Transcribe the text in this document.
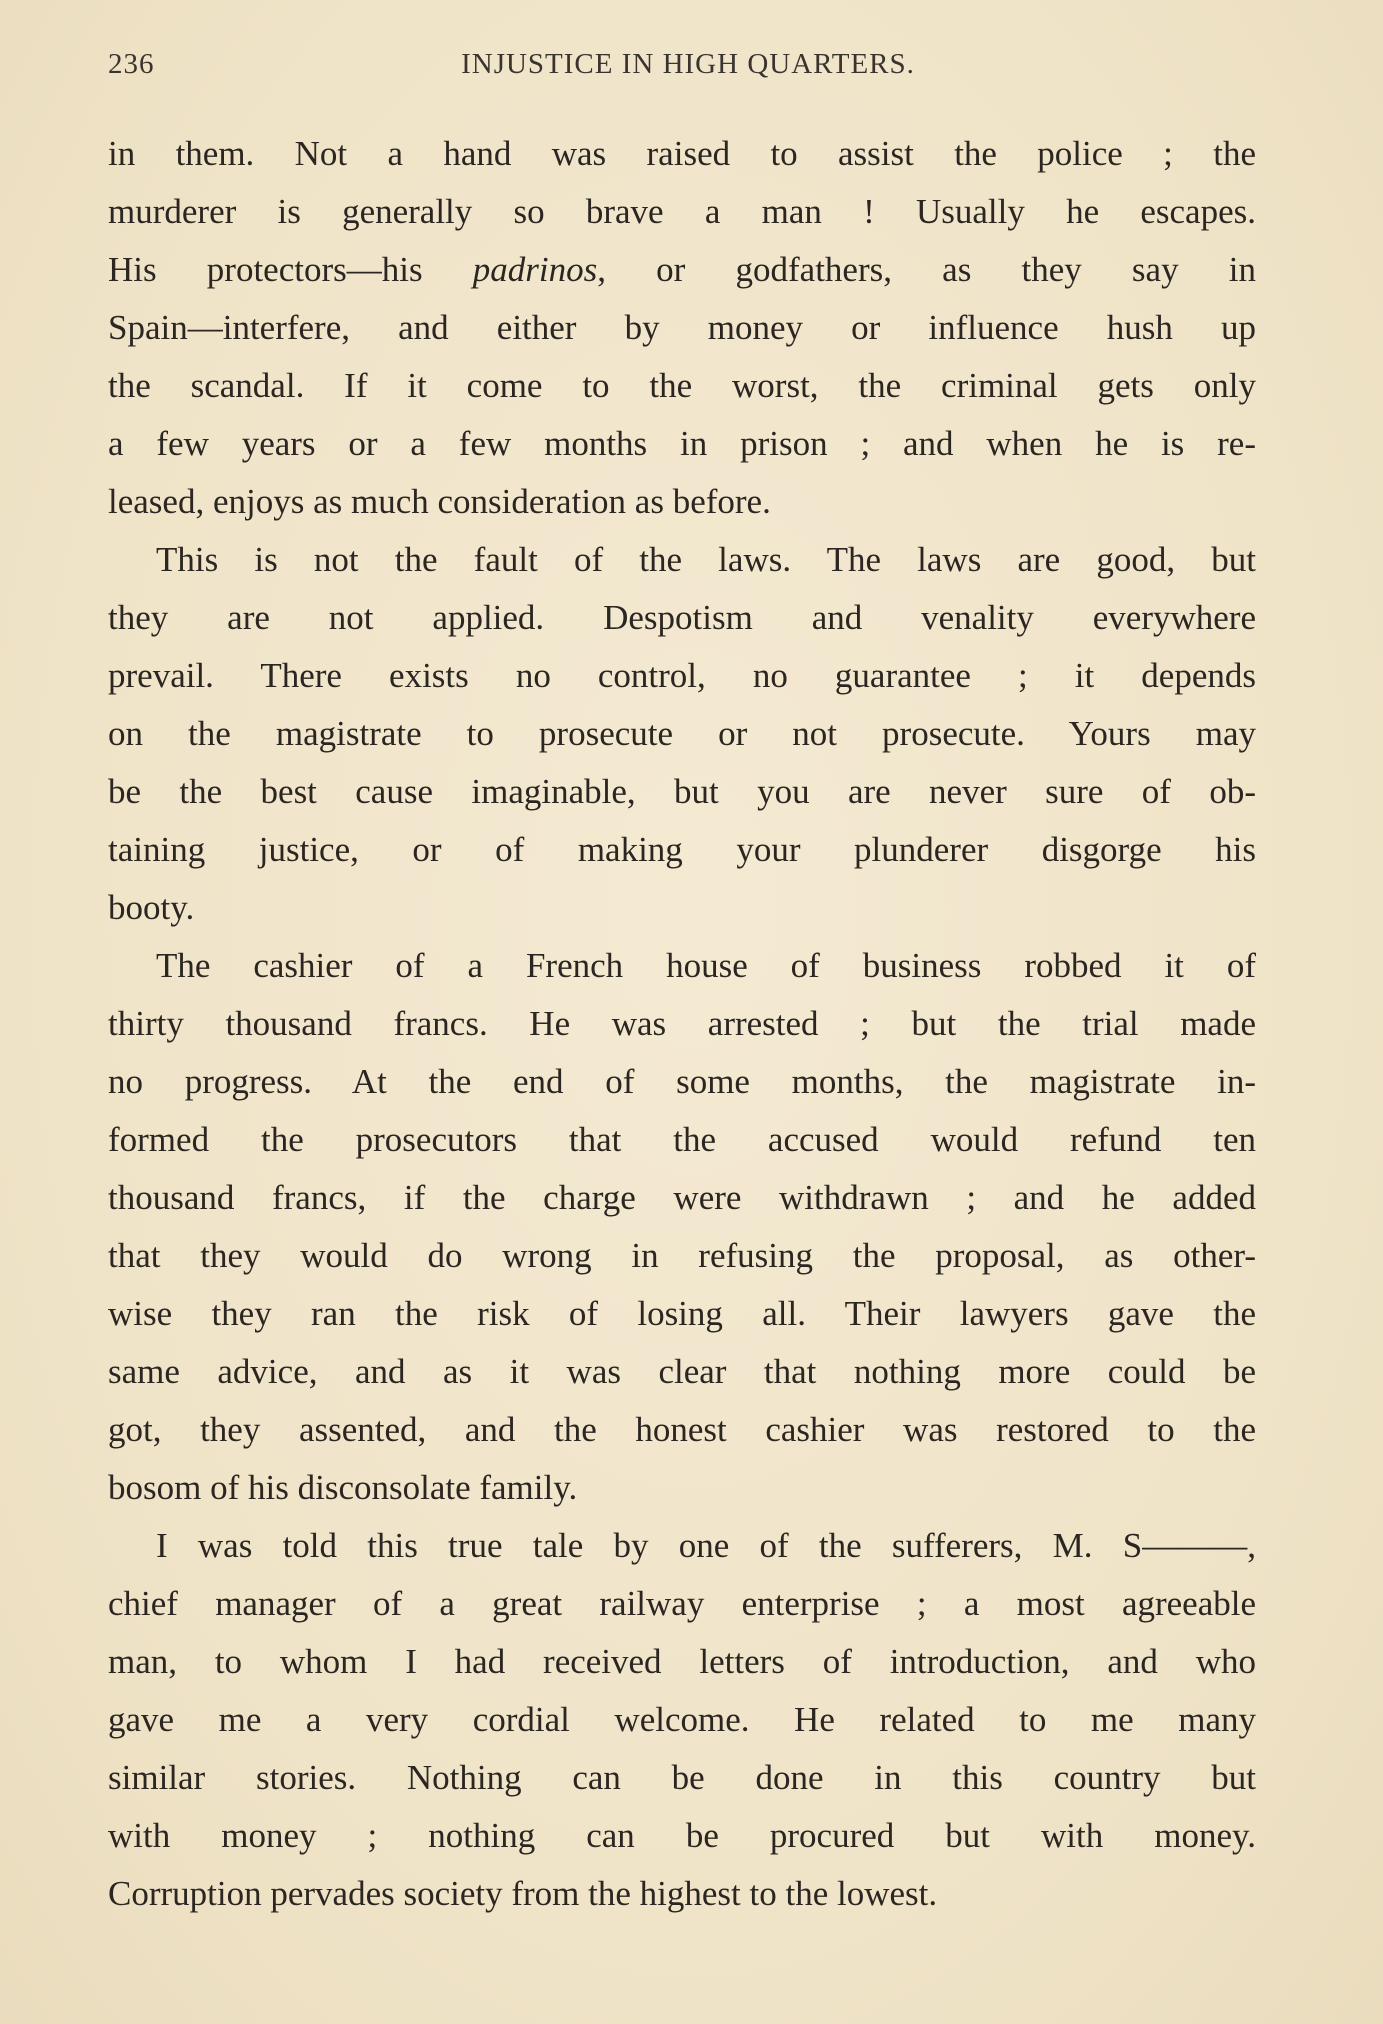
236	INJUSTICE IN HIGH QUARTERS.
in them. Not a hand was raised to assist the police ; the
murderer is generally so brave a man ! Usually he escapes.
His protectors—his padrinos, or godfathers, as they say in
Spain—interfere, and either by money or influence hush up
the scandal. If it come to the worst, the criminal gets only
a few years or a few months in prison ; and when he is re-
leased, enjoys as much consideration as before.
This is not the fault of the laws. The laws are good, but
they are not applied. Despotism and venality everywhere
prevail. There exists no control, no guarantee ; it depends
on the magistrate to prosecute or not prosecute. Yours may
be the best cause imaginable, but you are never sure of ob-
taining justice, or of making your plunderer disgorge his
booty.
The cashier of a French house of business robbed it of
thirty thousand francs. He was arrested ; but the trial made
no progress. At the end of some months, the magistrate in-
formed the prosecutors that the accused would refund ten
thousand francs, if the charge were withdrawn ; and he added
that they would do wrong in refusing the proposal, as other-
wise they ran the risk of losing all. Their lawyers gave the
same advice, and as it was clear that nothing more could be
got, they assented, and the honest cashier was restored to the
bosom of his disconsolate family.
I was told this true tale by one of the sufferers, M. S———,
chief manager of a great railway enterprise ; a most agreeable
man, to whom I had received letters of introduction, and who
gave me a very cordial welcome. He related to me many
similar stories. Nothing can be done in this country but
with money ; nothing can be procured but with money.
Corruption pervades society from the highest to the lowest.
